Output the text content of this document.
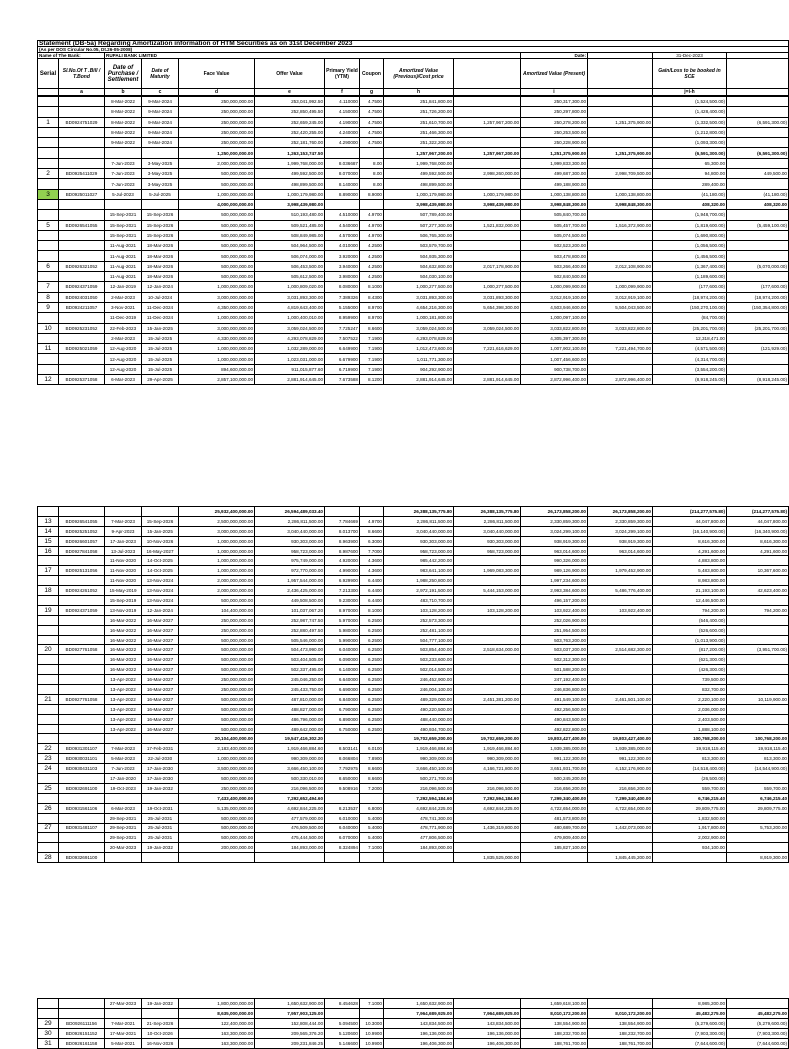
Statement (DB-5a) Regarding Amortization information of HTM Securities as on 31st December 2023													
(As per DOS Circular No.05, Dt.26-05-2008)													
Name of The Bank:		RUPALI BANK LIMITED								Date:		31-Dec-2023	
Serial	Sl.No.Of T .Bill / T.Bond	Date of Purchase / Settlement	Date of Maturity	Face Value	Offer Value	Primary Yield (YTM)	Coupon	Amortized Value (Previous)/Cost price		Amortized Value (Present)		Gain/Loss to be booked in SCE	
	a	b	c	d	e	f	g	h		i		j=i-h	
		8-Mar-2022	9-Mar-2024	250,000,000.00	253,041,992.50	4.110000	4.7500	251,841,800.00		250,317,300.00		(1,524,500.00)	
		8-Mar-2022	9-Mar-2024	250,000,000.00	252,850,495.50	4.150000	4.7500	251,726,200.00		250,297,800.00		(1,428,400.00)	
1	BD0924751029	8-Mar-2022	9-Mar-2024	250,000,000.00	252,659,245.00	4.190000	4.7500	251,610,700.00	1,257,967,200.00	250,278,200.00	1,251,375,900.00	(1,332,500.00)	(6,591,300.00)
		8-Mar-2022	9-Mar-2024	250,000,000.00	252,420,255.00	4.240000	4.7500	251,466,300.00		250,253,500.00		(1,212,800.00)	
		9-Mar-2022	9-Mar-2024	250,000,000.00	252,181,760.00	4.290000	4.7500	251,322,200.00		250,228,900.00		(1,093,300.00)	
				1,250,000,000.00	1,263,153,747.50			1,257,967,200.00	1,257,967,200.00	1,251,375,900.00	1,251,375,900.00	(6,591,300.00)	(6,591,300.00)
		7-Jun-2023	3-May-2025	2,000,000,000.00	1,999,768,000.00	8.036687	8.00	1,999,768,000.00		1,999,833,300.00		65,300.00	
2	BD0925411029	7-Jun-2023	3-May-2025	500,000,000.00	499,592,500.00	8.070000	8.00	499,592,500.00	2,998,260,000.00	499,687,300.00	2,998,709,500.00	94,800.00	449,500.00
		7-Jun-2023	3-May-2025	500,000,000.00	498,899,500.00	8.140000	8.00	498,899,500.00		499,188,900.00		289,400.00	
3	BD0925011027	5-Jul-2023	5-Jul-2025	1,000,000,000.00	1,000,179,980.00	8.890000	8.9000	1,000,179,980.00	1,000,179,980.00	1,000,138,800.00	1,000,138,800.00	(41,180.00)	(41,180.00)
				4,000,000,000.00	3,998,439,980.00			3,998,439,980.00	3,998,439,980.00	3,998,848,300.00	3,998,848,300.00	408,320.00	408,320.00
		15-Sep-2021	15-Sep-2026	500,000,000.00	510,193,480.00	4.510000	4.9700	507,789,400.00		505,840,700.00		(1,948,700.00)	
5	BD0926541055	15-Sep-2021	15-Sep-2026	500,000,000.00	509,521,485.00	4.540000	4.9700	507,277,300.00	1,521,832,000.00	505,457,700.00	1,516,372,900.00	(1,819,600.00)	(5,459,100.00)
		15-Sep-2021	15-Sep-2026	500,000,000.00	508,849,985.00	4.570000	4.9700	506,765,300.00		505,074,500.00		(1,690,800.00)	
		11-Aug-2021	18-Mar-2026	500,000,000.00	504,964,500.00	4.010000	4.2500	503,579,700.00		502,523,200.00		(1,056,500.00)	
		11-Aug-2021	18-Mar-2026	500,000,000.00	506,074,000.00	3.920000	4.2500	504,935,300.00		503,478,800.00		(1,456,500.00)	
6	BD0926321052	11-Aug-2021	18-Mar-2026	500,000,000.00	506,453,500.00	3.940000	4.2500	504,632,800.00	2,017,178,900.00	503,266,400.00	2,012,108,900.00	(1,367,400.00)	(5,070,000.00)
		11-Aug-2021	18-Mar-2026	500,000,000.00	505,612,500.00	3.980000	4.2500	504,030,100.00		502,840,500.00		(1,189,600.00)	
7	BD0924371059	12-Jan-2019	12-Jan-2024	1,000,000,000.00	1,000,809,020.00	8.080000	8.1000	1,000,277,500.00	1,000,277,500.00	1,000,099,900.00	1,000,099,900.00	(177,600.00)	(177,600.00)
8	BD0924031050	2-Mar-2023	10-Jul-2024	3,000,000,000.00	3,031,893,300.00	7.389326	8.4300	3,031,893,300.00	3,031,893,300.00	3,012,919,100.00	3,012,919,100.00	(18,974,200.00)	(18,974,200.00)
9	BD0924211057	3-Nov-2021	11-Dec-2024	4,350,000,000.00	4,819,643,400.00	5.155000	8.9700	4,654,216,300.00	5,654,398,300.00	4,503,946,600.00	5,504,043,500.00	(150,270,100.00)	(150,354,800.00)
		11-Dec-2019	11-Dec-2024	1,000,000,000.00	1,000,400,010.00	8.959900	8.9700	1,000,181,800.00		1,000,097,100.00		(84,700.00)	
10	BD0925231052	22-Feb-2023	15-Jan-2025	3,000,000,000.00	3,059,024,500.00	7.725247	8.6600	3,059,024,500.00	3,059,024,500.00	3,033,822,800.00	3,033,822,800.00	(25,201,700.00)	(25,201,700.00)
		2-Mar-2023	15-Jul-2025	4,330,000,000.00	4,293,078,829.00	7.507522	7.1900	4,293,078,829.00		4,305,397,300.00		12,318,471.00	
11	BD0925021059	12-Aug-2020	15-Jul-2025	1,000,000,000.00	1,032,289,000.00	6.649900	7.1900	1,012,473,600.00	7,221,616,629.00	1,007,902,100.00	7,221,494,700.00	(4,571,500.00)	(121,929.00)
		12-Aug-2020	15-Jul-2025	1,000,000,000.00	1,023,031,000.00	6.679900	7.1900	1,011,771,300.00		1,007,456,600.00		(4,314,700.00)	
		12-Aug-2020	15-Jul-2025	894,600,000.00	911,015,877.60	6.719900	7.1900	904,292,900.00		900,738,700.00		(3,554,200.00)	
12	BD0925371058	6-Mar-2023	29-Apr-2025	2,857,100,000.00	2,881,914,645.00	7.673588	8.1200	2,881,914,645.00	2,881,914,645.00	2,872,996,400.00	2,872,996,400.00	(8,918,245.00)	(8,918,245.00)
				25,932,400,000.00	26,594,489,033.40			26,388,135,775.80	26,388,135,775.80	26,173,858,200.00	26,173,858,200.00	(214,277,575.80)	(214,277,575.80)
13	BD0926541055	7-Mar-2023	15-Sep-2026	2,500,000,000.00	2,286,811,500.00	7.784669	4.9700	2,286,811,500.00	2,286,811,500.00	2,330,859,300.00	2,330,859,300.00	44,047,800.00	44,047,800.00
14	BD0925251052	9-Apr-2023	15-Jan-2025	3,000,000,000.00	3,040,440,000.00	8.013700	8.6600	3,040,440,000.00	3,040,440,000.00	3,024,299,100.00	3,024,299,100.00	(16,140,900.00)	(16,340,900.00)
15	BD0926601057	17-Jan-2023	10-Nov-2026	1,000,000,000.00	930,303,000.00	8.963900	6.3000	930,303,000.00	930,303,000.00	938,919,300.00	938,919,300.00	8,616,300.00	8,616,300.00
16	BD0927841058	13-Jul-2023	16-May-2027	1,000,000,000.00	958,723,000.00	8.987600	7.7000	958,723,000.00	958,723,000.00	963,014,600.00	963,014,600.00	4,291,600.00	4,291,600.00
		11-Nov-2020	14-Oct-2025	1,000,000,000.00	975,749,000.00	4.920000	4.3600	985,442,200.00		990,326,000.00		4,883,800.00	
17	BD0925131056	11-Nov-2020	14-Oct-2025	1,000,000,000.00	972,770,000.00	4.990000	4.3600	983,641,100.00	1,969,083,300.00	989,126,900.00	1,979,452,900.00	5,483,800.00	10,367,600.00
		11-Nov-2020	13-Nov-2024	2,000,000,000.00	1,957,544,000.00	6.929900	6.4400	1,988,250,800.00		1,997,234,600.00		8,983,800.00	
18	BD0924261052	15-May-2019	13-Nov-2024	2,000,000,000.00	2,436,425,000.00	7.213300	6.4400	2,972,191,500.00	5,444,153,000.00	2,993,384,600.00	5,486,776,400.00	21,193,100.00	42,623,400.00
		15-Sep-2019	13-Nov-2024	500,000,000.00	449,508,500.00	9.230000	6.4400	483,710,700.00		496,157,200.00		12,446,500.00	
19	BD0924371059	13-Nov-2019	12-Jan-2024	104,400,000.00	101,037,067.20	8.970000	8.1000	103,128,200.00	103,128,200.00	103,922,400.00	103,922,400.00	794,200.00	794,200.00
		16-Mar-2022	16-Mar-2027	250,000,000.00	252,987,747.50	5.970000	6.2500	252,573,300.00		252,026,900.00		(546,400.00)	
		16-Mar-2022	16-Mar-2027	250,000,000.00	252,880,497.50	5.980000	6.2500	252,481,100.00		251,954,500.00		(526,600.00)	
		16-Mar-2022	16-Mar-2027	500,000,000.00	505,546,000.00	5.990000	6.2500	504,777,100.00		503,763,200.00		(1,013,900.00)	
20	BD0927761058	16-Mar-2022	16-Mar-2027	500,000,000.00	504,473,990.00	6.040000	6.2500	503,854,400.00	2,518,634,000.00	503,037,200.00	2,514,682,300.00	(817,200.00)	(3,951,700.00)
		16-Mar-2022	16-Mar-2027	500,000,000.00	503,404,505.00	6.090000	6.2500	503,233,600.00		502,312,300.00		(621,300.00)	
		16-Mar-2022	16-Mar-2027	500,000,000.00	502,337,495.00	6.140000	6.2500	502,014,500.00		501,588,200.00		(426,300.00)	
		13-Apr-2022	16-Mar-2027	250,000,000.00	245,046,250.00	6.640000	6.2500	246,452,900.00		247,192,400.00		739,500.00	
		13-Apr-2022	16-Mar-2027	250,000,000.00	245,433,750.00	6.690000	6.2500	246,004,100.00		246,836,800.00		832,700.00	
21	BD0927761058	13-Apr-2022	16-Mar-2027	500,000,000.00	487,810,000.00	6.840000	6.2500	489,329,000.00	2,451,381,200.00	491,549,100.00	2,461,501,100.00	2,220,100.00	10,119,900.00
		13-Apr-2022	16-Mar-2027	500,000,000.00	488,827,000.00	6.790000	6.2500	490,220,500.00		492,256,500.00		2,036,000.00	
		13-Apr-2022	16-Mar-2027	500,000,000.00	486,796,000.00	6.890000	6.2500	488,440,000.00		490,843,500.00		2,403,500.00	
		13-Apr-2022	16-Mar-2027	500,000,000.00	489,642,000.00	6.750000	6.2500	490,934,700.00		492,822,800.00		1,888,100.00	
				20,104,400,000.00	19,547,416,302.20			19,702,659,200.00	19,702,659,200.00	19,803,427,400.00	19,803,427,400.00	100,768,200.00	100,768,200.00
22	BD0931301107	7-Mar-2023	17-Feb-2031	2,183,400,000.00	1,919,466,884.60	8.503141	6.0100	1,919,466,884.60	1,919,466,884.60	1,939,385,000.00	1,939,385,000.00	19,918,115.40	19,918,115.40
23	BD0930031101	5-Mar-2023	22-Jul-2030	1,000,000,000.00	990,309,000.00	8.066804	7.8900	990,309,000.00	990,309,000.00	991,122,300.00	991,122,300.00	813,300.00	813,300.00
24	BD0930431103	7-Jun-2023	17-Jan-2030	3,500,000,000.00	3,666,450,100.00	7.792975	8.6600	3,666,450,100.00	4,166,721,800.00	3,651,931,700.00	4,152,176,900.00	(14,518,400.00)	(14,544,900.00)
		17-Jan-2020	17-Jan-2030	500,000,000.00	500,330,010.00	8.650000	8.6600	500,271,700.00		500,245,200.00		(26,500.00)	
25	BD0932691100	19-Oct-2023	19-Jan-2032	250,000,000.00	216,096,500.00	9.508916	7.2000	216,096,500.00	216,096,500.00	216,656,200.00	216,656,200.00	559,700.00	559,700.00
				7,433,400,000.00	7,292,652,494.60			7,292,594,184.60	7,292,594,184.60	7,299,340,400.00	7,299,340,400.00	6,746,215.40	6,746,215.40
26	BD0931561106	6-Mar-2023	19-Oct-2031	5,135,000,000.00	4,692,844,225.00	8.213537	6.8000	4,692,844,225.00	4,692,844,225.00	4,722,654,000.00	4,722,654,000.00	29,809,775.00	29,809,775.00
		29-Sep-2021	25-Jul-2031	500,000,000.00	477,579,000.00	6.010000	5.4000	478,741,300.00		481,573,800.00		1,832,500.00	
27	BD0931481107	29-Sep-2021	25-Jul-2031	500,000,000.00	476,509,500.00	6.040000	5.4000	478,771,900.00	1,436,319,800.00	480,689,700.00	1,442,073,000.00	1,917,800.00	5,753,200.00
		29-Sep-2021	25-Jul-2031	500,000,000.00	475,444,500.00	6.070000	5.4000	477,806,500.00		479,809,400.00		2,002,900.00	
		20-Mar-2023	19-Jan-2032	200,000,000.00	184,893,000.00	8.324894	7.1000	184,893,000.00		185,827,100.00		934,100.00	
28	BD0932691100								1,835,525,000.00		1,845,445,200.00		8,919,300.00
		27-Mar-2023	19-Jan-2032	1,800,000,000.00	1,650,632,900.00	8.454628	7.1000	1,650,632,900.00		1,659,618,100.00		8,985,200.00	
				8,635,000,000.00	7,957,903,125.00			7,964,689,925.00	7,964,689,925.00	8,010,172,200.00	8,010,172,200.00	45,482,275.00	45,482,275.00
29	BD0926111156	7-Mar-2021	21-Sep-2026	122,400,000.00	152,808,444.00	5.094500	10.3000	143,834,500.00	143,834,500.00	138,554,900.00	138,554,900.00	(5,279,600.00)	(5,279,600.00)
30	BD0926151152	17-Mar-2021	10-Oct-2026	163,300,000.00	209,565,376.20	5.120600	10.9900	196,136,000.00	196,136,000.00	188,232,700.00	188,232,700.00	(7,903,300.00)	(7,903,300.00)
31	BD0926161158	5-Mar-2021	16-Nov-2026	163,300,000.00	209,231,846.25	5.146600	10.9900	196,406,300.00	196,406,300.00	188,761,700.00	188,761,700.00	(7,644,600.00)	(7,644,600.00)
